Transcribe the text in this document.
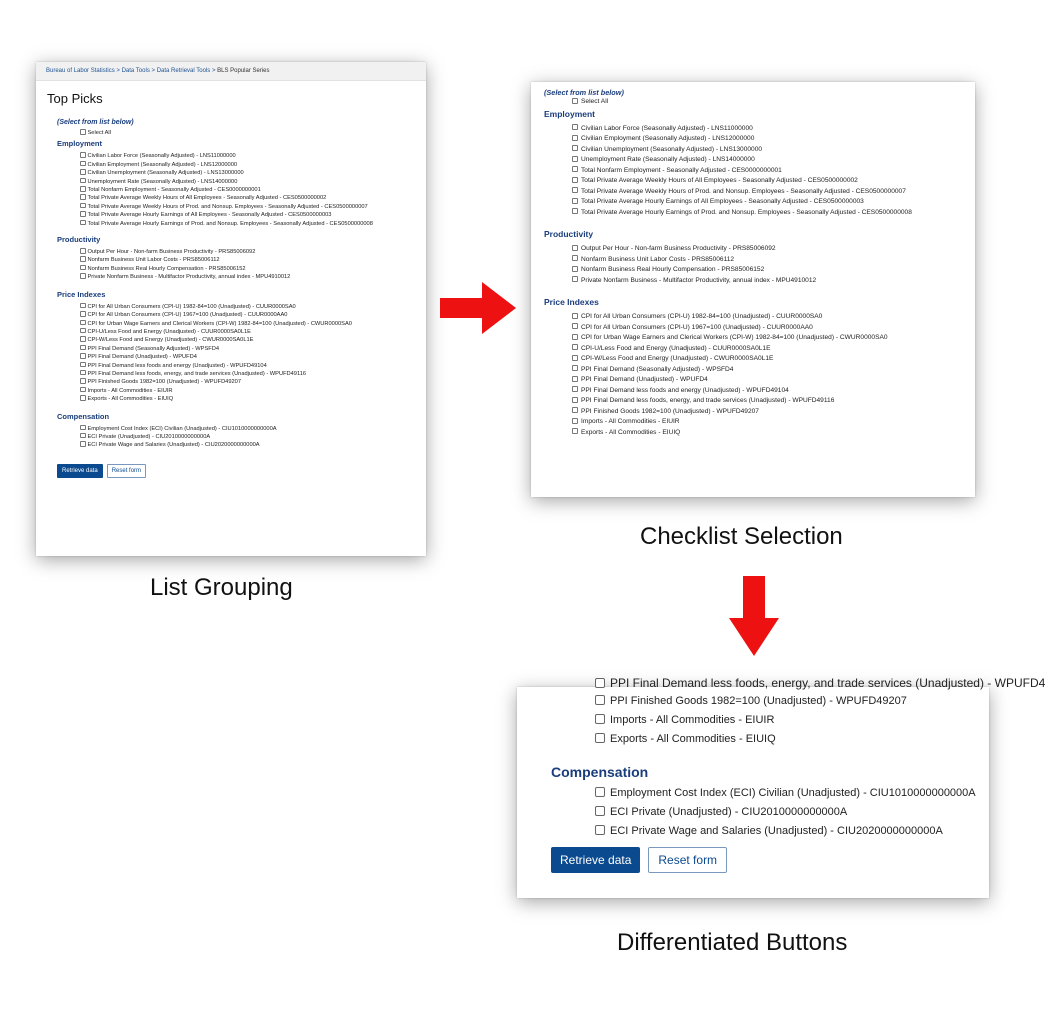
Bureau of Labor Statistics > Data Tools > Data Retrieval Tools > BLS Popular Series
Top Picks
(Select from list below)
Select All
Employment
Civilian Labor Force (Seasonally Adjusted) - LNS11000000
Civilian Employment (Seasonally Adjusted) - LNS12000000
Civilian Unemployment (Seasonally Adjusted) - LNS13000000
Unemployment Rate (Seasonally Adjusted) - LNS14000000
Total Nonfarm Employment - Seasonally Adjusted - CES0000000001
Total Private Average Weekly Hours of All Employees - Seasonally Adjusted - CES0500000002
Total Private Average Weekly Hours of Prod. and Nonsup. Employees - Seasonally Adjusted - CES0500000007
Total Private Average Hourly Earnings of All Employees - Seasonally Adjusted - CES0500000003
Total Private Average Hourly Earnings of Prod. and Nonsup. Employees - Seasonally Adjusted - CES0500000008
Productivity
Output Per Hour - Non-farm Business Productivity - PRS85006092
Nonfarm Business Unit Labor Costs - PRS85006112
Nonfarm Business Real Hourly Compensation - PRS85006152
Private Nonfarm Business - Multifactor Productivity, annual index - MPU4910012
Price Indexes
CPI for All Urban Consumers (CPI-U) 1982-84=100 (Unadjusted) - CUUR0000SA0
CPI for All Urban Consumers (CPI-U) 1967=100 (Unadjusted) - CUUR0000AA0
CPI for Urban Wage Earners and Clerical Workers (CPI-W) 1982-84=100 (Unadjusted) - CWUR0000SA0
CPI-U/Less Food and Energy (Unadjusted) - CUUR0000SA0L1E
CPI-W/Less Food and Energy (Unadjusted) - CWUR0000SA0L1E
PPI Final Demand (Seasonally Adjusted) - WPSFD4
PPI Final Demand (Unadjusted) - WPUFD4
PPI Final Demand less foods and energy (Unadjusted) - WPUFD49104
PPI Final Demand less foods, energy, and trade services (Unadjusted) - WPUFD49116
PPI Finished Goods 1982=100 (Unadjusted) - WPUFD49207
Imports - All Commodities - EIUIR
Exports - All Commodities - EIUIQ
Compensation
Employment Cost Index (ECI) Civilian (Unadjusted) - CIU1010000000000A
ECI Private (Unadjusted) - CIU2010000000000A
ECI Private Wage and Salaries (Unadjusted) - CIU2020000000000A
Retrieve data Reset form
(Select from list below)
Select All
Employment
Civilian Labor Force (Seasonally Adjusted) - LNS11000000
Civilian Employment (Seasonally Adjusted) - LNS12000000
Civilian Unemployment (Seasonally Adjusted) - LNS13000000
Unemployment Rate (Seasonally Adjusted) - LNS14000000
Total Nonfarm Employment - Seasonally Adjusted - CES0000000001
Total Private Average Weekly Hours of All Employees - Seasonally Adjusted - CES0500000002
Total Private Average Weekly Hours of Prod. and Nonsup. Employees - Seasonally Adjusted - CES0500000007
Total Private Average Hourly Earnings of All Employees - Seasonally Adjusted - CES0500000003
Total Private Average Hourly Earnings of Prod. and Nonsup. Employees - Seasonally Adjusted - CES0500000008
Productivity
Output Per Hour - Non-farm Business Productivity - PRS85006092
Nonfarm Business Unit Labor Costs - PRS85006112
Nonfarm Business Real Hourly Compensation - PRS85006152
Private Nonfarm Business - Multifactor Productivity, annual index - MPU4910012
Price Indexes
CPI for All Urban Consumers (CPI-U) 1982-84=100 (Unadjusted) - CUUR0000SA0
CPI for All Urban Consumers (CPI-U) 1967=100 (Unadjusted) - CUUR0000AA0
CPI for Urban Wage Earners and Clerical Workers (CPI-W) 1982-84=100 (Unadjusted) - CWUR0000SA0
CPI-U/Less Food and Energy (Unadjusted) - CUUR0000SA0L1E
CPI-W/Less Food and Energy (Unadjusted) - CWUR0000SA0L1E
PPI Final Demand (Seasonally Adjusted) - WPSFD4
PPI Final Demand (Unadjusted) - WPUFD4
PPI Final Demand less foods and energy (Unadjusted) - WPUFD49104
PPI Final Demand less foods, energy, and trade services (Unadjusted) - WPUFD49116
PPI Finished Goods 1982=100 (Unadjusted) - WPUFD49207
Imports - All Commodities - EIUIR
Exports - All Commodities - EIUIQ
PPI Final Demand less foods, energy, and trade services (Unadjusted) - WPUFD4
PPI Finished Goods 1982=100 (Unadjusted) - WPUFD49207
Imports - All Commodities - EIUIR
Exports - All Commodities - EIUIQ
Compensation
Employment Cost Index (ECI) Civilian (Unadjusted) - CIU1010000000000A
ECI Private (Unadjusted) - CIU2010000000000A
ECI Private Wage and Salaries (Unadjusted) - CIU2020000000000A
Retrieve data Reset form
List Grouping
Checklist Selection
Differentiated Buttons
